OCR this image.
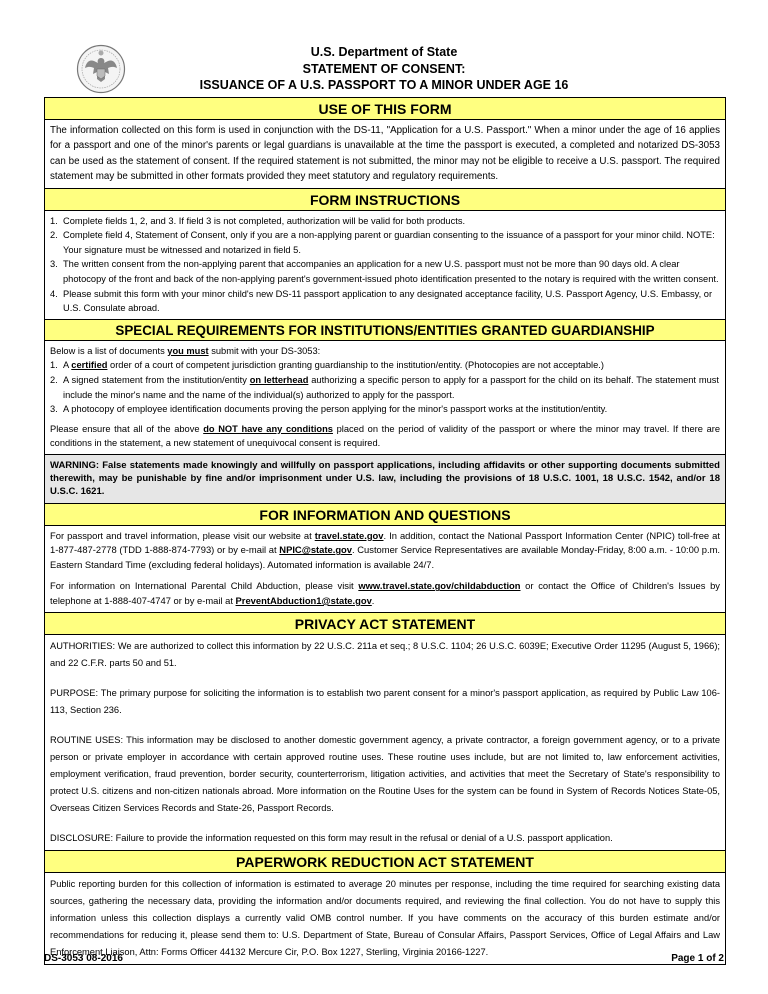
U.S. Department of State
STATEMENT OF CONSENT:
ISSUANCE OF A U.S. PASSPORT TO A MINOR UNDER AGE 16
USE OF THIS FORM
The information collected on this form is used in conjunction with the DS-11, "Application for a U.S. Passport." When a minor under the age of 16 applies for a passport and one of the minor's parents or legal guardians is unavailable at the time the passport is executed, a completed and notarized DS-3053 can be used as the statement of consent. If the required statement is not submitted, the minor may not be eligible to receive a U.S. passport. The required statement may be submitted in other formats provided they meet statutory and regulatory requirements.
FORM INSTRUCTIONS
1. Complete fields 1, 2, and 3. If field 3 is not completed, authorization will be valid for both products.
2. Complete field 4, Statement of Consent, only if you are a non-applying parent or guardian consenting to the issuance of a passport for your minor child. NOTE: Your signature must be witnessed and notarized in field 5.
3. The written consent from the non-applying parent that accompanies an application for a new U.S. passport must not be more than 90 days old. A clear photocopy of the front and back of the non-applying parent's government-issued photo identification presented to the notary is required with the written consent.
4. Please submit this form with your minor child's new DS-11 passport application to any designated acceptance facility, U.S. Passport Agency, U.S. Embassy, or U.S. Consulate abroad.
SPECIAL REQUIREMENTS FOR INSTITUTIONS/ENTITIES GRANTED GUARDIANSHIP
Below is a list of documents you must submit with your DS-3053:
1. A certified order of a court of competent jurisdiction granting guardianship to the institution/entity. (Photocopies are not acceptable.)
2. A signed statement from the institution/entity on letterhead authorizing a specific person to apply for a passport for the child on its behalf. The statement must include the minor's name and the name of the individual(s) authorized to apply for the passport.
3. A photocopy of employee identification documents proving the person applying for the minor's passport works at the institution/entity.
Please ensure that all of the above do NOT have any conditions placed on the period of validity of the passport or where the minor may travel. If there are conditions in the statement, a new statement of unequivocal consent is required.
WARNING: False statements made knowingly and willfully on passport applications, including affidavits or other supporting documents submitted therewith, may be punishable by fine and/or imprisonment under U.S. law, including the provisions of 18 U.S.C. 1001, 18 U.S.C. 1542, and/or 18 U.S.C. 1621.
FOR INFORMATION AND QUESTIONS
For passport and travel information, please visit our website at travel.state.gov. In addition, contact the National Passport Information Center (NPIC) toll-free at 1-877-487-2778 (TDD 1-888-874-7793) or by e-mail at NPIC@state.gov. Customer Service Representatives are available Monday-Friday, 8:00 a.m. - 10:00 p.m. Eastern Standard Time (excluding federal holidays). Automated information is available 24/7.
For information on International Parental Child Abduction, please visit www.travel.state.gov/childabduction or contact the Office of Children's Issues by telephone at 1-888-407-4747 or by e-mail at PreventAbduction1@state.gov.
PRIVACY ACT STATEMENT
AUTHORITIES: We are authorized to collect this information by 22 U.S.C. 211a et seq.; 8 U.S.C. 1104; 26 U.S.C. 6039E; Executive Order 11295 (August 5, 1966); and 22 C.F.R. parts 50 and 51.
PURPOSE: The primary purpose for soliciting the information is to establish two parent consent for a minor's passport application, as required by Public Law 106-113, Section 236.
ROUTINE USES: This information may be disclosed to another domestic government agency, a private contractor, a foreign government agency, or to a private person or private employer in accordance with certain approved routine uses. These routine uses include, but are not limited to, law enforcement activities, employment verification, fraud prevention, border security, counterterrorism, litigation activities, and activities that meet the Secretary of State's responsibility to protect U.S. citizens and non-citizen nationals abroad. More information on the Routine Uses for the system can be found in System of Records Notices State-05, Overseas Citizen Services Records and State-26, Passport Records.
DISCLOSURE: Failure to provide the information requested on this form may result in the refusal or denial of a U.S. passport application.
PAPERWORK REDUCTION ACT STATEMENT
Public reporting burden for this collection of information is estimated to average 20 minutes per response, including the time required for searching existing data sources, gathering the necessary data, providing the information and/or documents required, and reviewing the final collection. You do not have to supply this information unless this collection displays a currently valid OMB control number. If you have comments on the accuracy of this burden estimate and/or recommendations for reducing it, please send them to: U.S. Department of State, Bureau of Consular Affairs, Passport Services, Office of Legal Affairs and Law Enforcement Liaison, Attn: Forms Officer 44132 Mercure Cir, P.O. Box 1227, Sterling, Virginia 20166-1227.
DS-3053 08-2016	Page 1 of 2
